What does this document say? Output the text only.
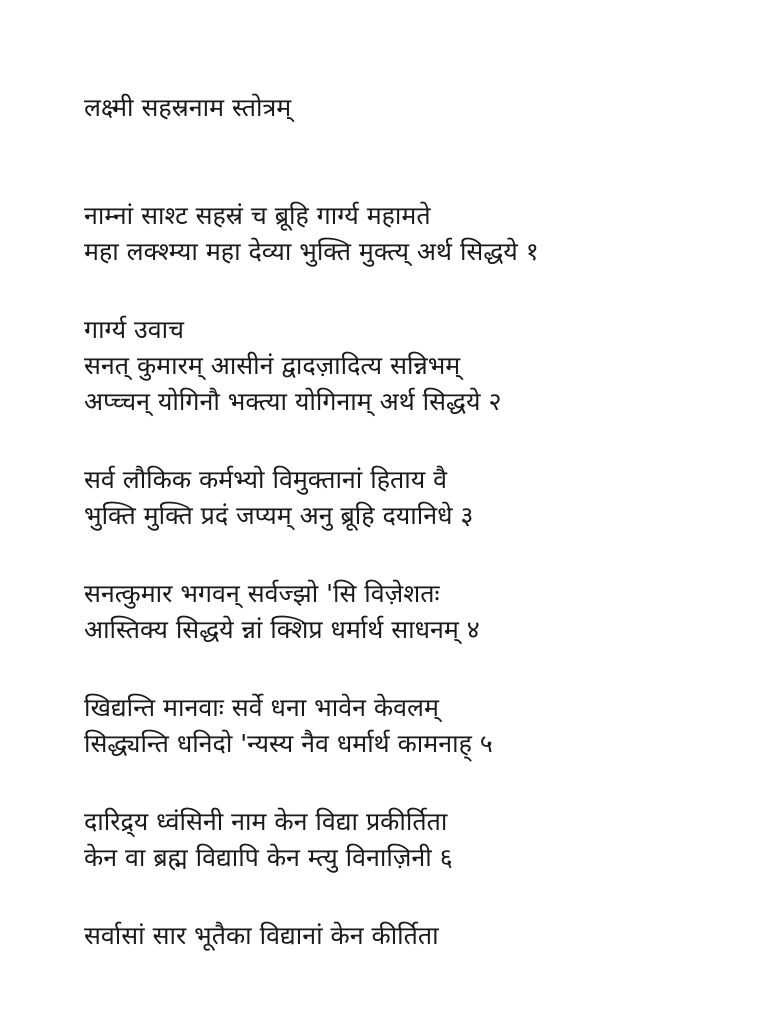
लक्ष्मी सहस्रनाम स्तोत्रम्
नाम्नां साश्ट सहस्रं च ब्रूहि गार्ग्य महामते
महा लक्श्म्या महा देव्या भुक्ति मुक्त्य् अर्थ सिद्धये १
गार्ग्य उवाच
सनत् कुमारम् आसीनं द्वादज़ादित्य सन्निभम्
अप्च्चन् योगिनौ भक्त्या योगिनाम् अर्थ सिद्धये २
सर्व लौकिक कर्मभ्यो विमुक्तानां हिताय वै
भुक्ति मुक्ति प्रदं जप्यम् अनु ब्रूहि दयानिधे ३
सनत्कुमार भगवन् सर्वज्झो 'सि विज़ेशतः
आस्तिक्य सिद्धये न्नां क्शिप्र धर्मार्थ साधनम् ४
खिद्यन्ति मानवाः सर्वे धना भावेन केवलम्
सिद्ध्यन्ति धनिदो 'न्यस्य नैव धर्मार्थ कामनाह् ५
दारिद्र्य ध्वंसिनी नाम केन विद्या प्रकीर्तिता
केन वा ब्रह्म विद्यापि केन म्त्यु विनाज़िनी ६
सर्वासां सार भूतैका विद्यानां केन कीर्तिता
